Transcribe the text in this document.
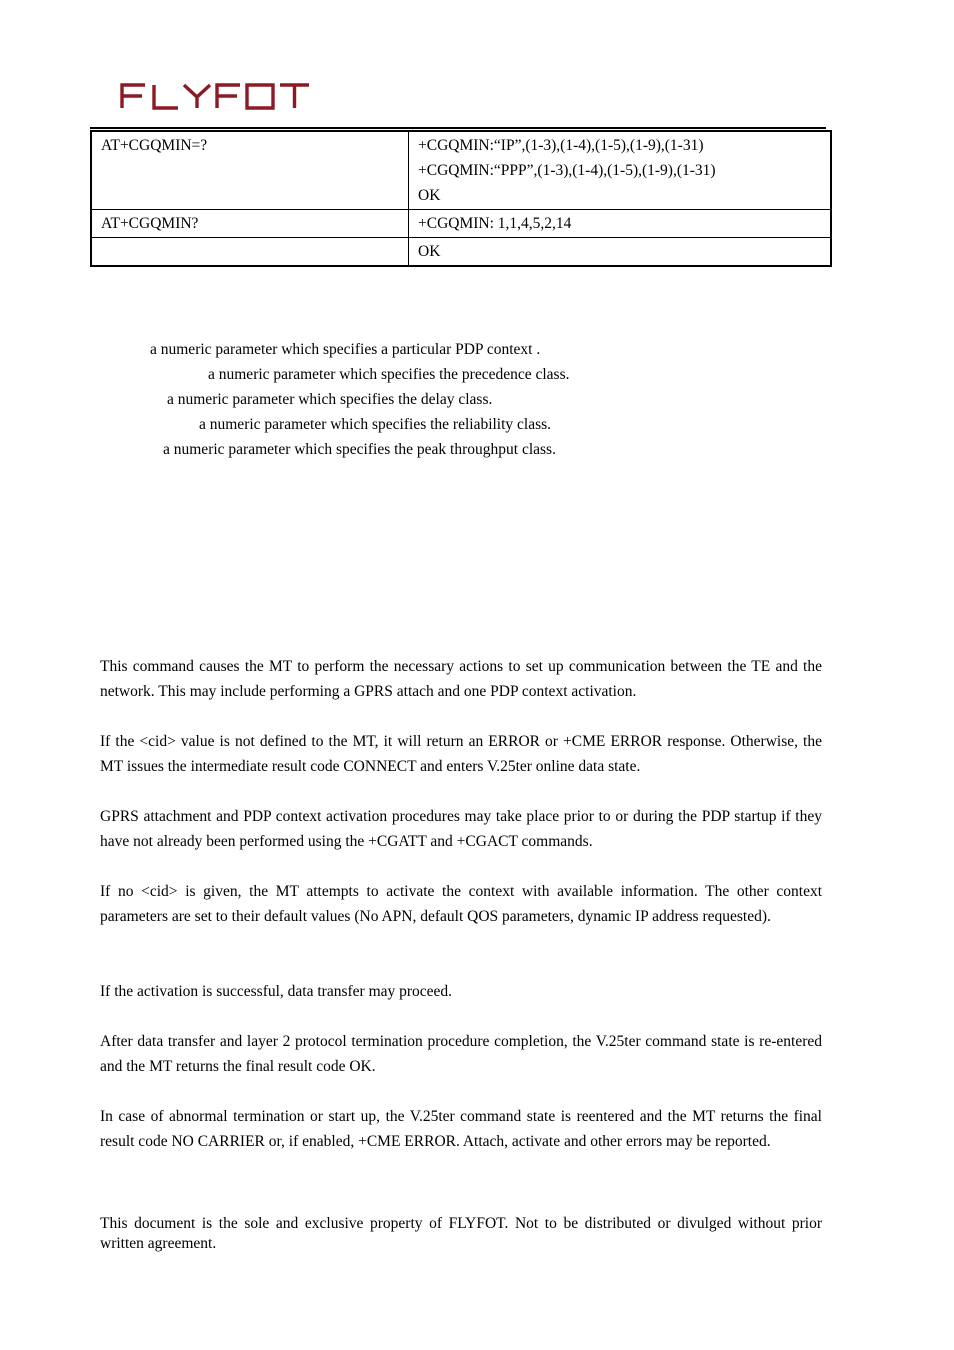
AT+CGQMIN=?	+CGQMIN:“IP”,(1-3),(1-4),(1-5),(1-9),(1-31)
+CGQMIN:“PPP”,(1-3),(1-4),(1-5),(1-9),(1-31)
OK

AT+CGQMIN?	+CGQMIN: 1,1,4,5,2,14

	OK
a numeric parameter which specifies a particular PDP context .
a numeric parameter which specifies the precedence class.
a numeric parameter which specifies the delay class.
a numeric parameter which specifies the reliability class.
a numeric parameter which specifies the peak throughput class.

This command causes the MT to perform the necessary actions to set up communication between the TE and the network. This may include performing a GPRS attach and one PDP context activation.

If the <cid> value is not defined to the MT, it will return an ERROR or +CME ERROR response. Otherwise, the MT issues the intermediate result code CONNECT and enters V.25ter online data state.

GPRS attachment and PDP context activation procedures may take place prior to or during the PDP startup if they have not already been performed using the +CGATT and +CGACT commands.

If no <cid> is given, the MT attempts to activate the context with available information. The other context parameters are set to their default values (No APN, default QOS parameters, dynamic IP address requested).

If the activation is successful, data transfer may proceed.

After data transfer and layer 2 protocol termination procedure completion, the V.25ter command state is re-entered and the MT returns the final result code OK.

In case of abnormal termination or start up, the V.25ter command state is reentered and the MT returns the final result code NO CARRIER or, if enabled, +CME ERROR. Attach, activate and other errors may be reported.

This document is the sole and exclusive property of FLYFOT. Not to be distributed or divulged without prior written agreement.
